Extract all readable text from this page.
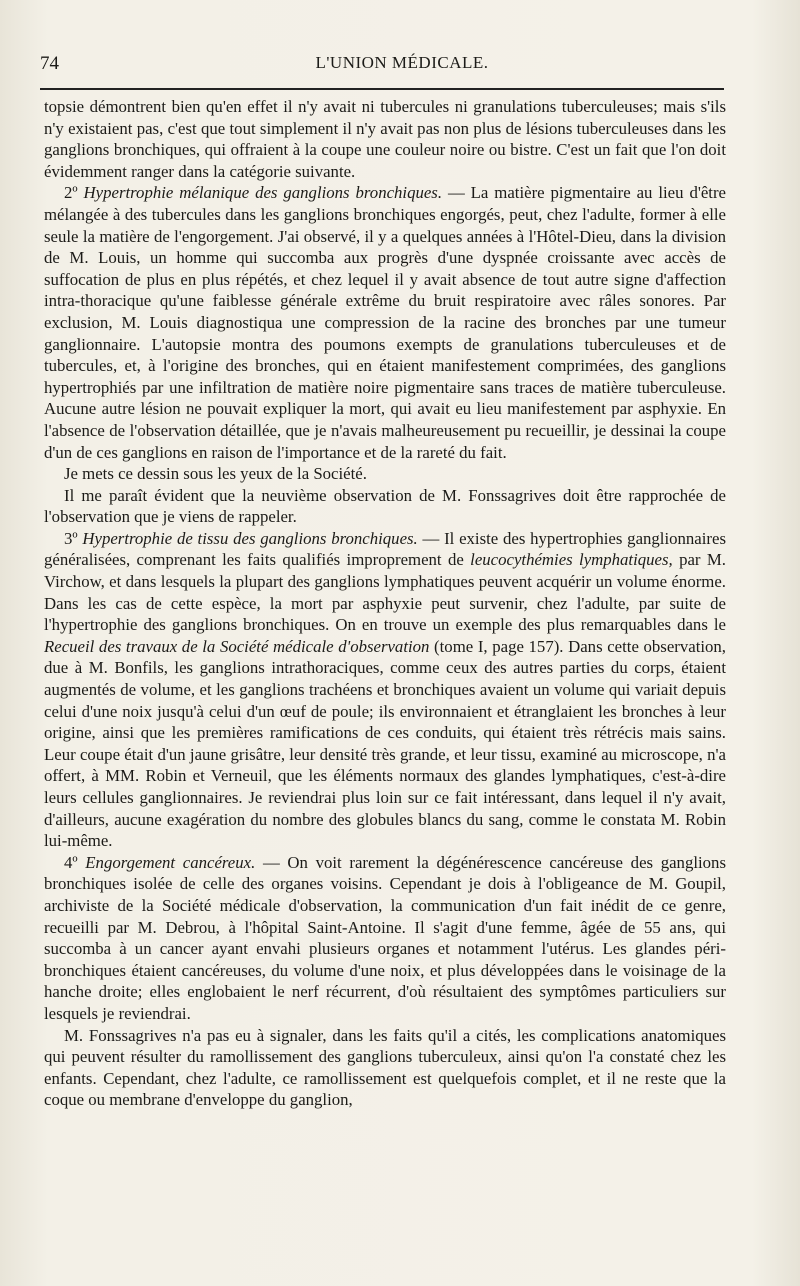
74	L'UNION MÉDICALE.

topsie démontrent bien qu'en effet il n'y avait ni tubercules ni granulations tuberculeuses; mais s'ils n'y existaient pas, c'est que tout simplement il n'y avait pas non plus de lésions tuberculeuses dans les ganglions bronchiques, qui offraient à la coupe une couleur noire ou bistre. C'est un fait que l'on doit évidemment ranger dans la catégorie suivante.

2º Hypertrophie mélanique des ganglions bronchiques. — La matière pigmentaire au lieu d'être mélangée à des tubercules dans les ganglions bronchiques engorgés, peut, chez l'adulte, former à elle seule la matière de l'engorgement. J'ai observé, il y a quelques années à l'Hôtel-Dieu, dans la division de M. Louis, un homme qui succomba aux progrès d'une dyspnée croissante avec accès de suffocation de plus en plus répétés, et chez lequel il y avait absence de tout autre signe d'affection intra-thoracique qu'une faiblesse générale extrême du bruit respiratoire avec râles sonores. Par exclusion, M. Louis diagnostiqua une compression de la racine des bronches par une tumeur ganglionnaire. L'autopsie montra des poumons exempts de granulations tuberculeuses et de tubercules, et, à l'origine des bronches, qui en étaient manifestement comprimées, des ganglions hypertrophiés par une infiltration de matière noire pigmentaire sans traces de matière tuberculeuse. Aucune autre lésion ne pouvait expliquer la mort, qui avait eu lieu manifestement par asphyxie. En l'absence de l'observation détaillée, que je n'avais malheureusement pu recueillir, je dessinai la coupe d'un de ces ganglions en raison de l'importance et de la rareté du fait.

Je mets ce dessin sous les yeux de la Société.

Il me paraît évident que la neuvième observation de M. Fonssagrives doit être rapprochée de l'observation que je viens de rappeler.

3º Hypertrophie de tissu des ganglions bronchiques. — Il existe des hypertrophies ganglionnaires généralisées, comprenant les faits qualifiés improprement de leucocythémies lymphatiques, par M. Virchow, et dans lesquels la plupart des ganglions lymphatiques peuvent acquérir un volume énorme. Dans les cas de cette espèce, la mort par asphyxie peut survenir, chez l'adulte, par suite de l'hypertrophie des ganglions bronchiques. On en trouve un exemple des plus remarquables dans le Recueil des travaux de la Société médicale d'observation (tome I, page 157). Dans cette observation, due à M. Bonfils, les ganglions intrathoraciques, comme ceux des autres parties du corps, étaient augmentés de volume, et les ganglions trachéens et bronchiques avaient un volume qui variait depuis celui d'une noix jusqu'à celui d'un œuf de poule; ils environnaient et étranglaient les bronches à leur origine, ainsi que les premières ramifications de ces conduits, qui étaient très rétrécis mais sains. Leur coupe était d'un jaune grisâtre, leur densité très grande, et leur tissu, examiné au microscope, n'a offert, à MM. Robin et Verneuil, que les éléments normaux des glandes lymphatiques, c'est-à-dire leurs cellules ganglionnaires. Je reviendrai plus loin sur ce fait intéressant, dans lequel il n'y avait, d'ailleurs, aucune exagération du nombre des globules blancs du sang, comme le constata M. Robin lui-même.

4º Engorgement cancéreux. — On voit rarement la dégénérescence cancéreuse des ganglions bronchiques isolée de celle des organes voisins. Cependant je dois à l'obligeance de M. Goupil, archiviste de la Société médicale d'observation, la communication d'un fait inédit de ce genre, recueilli par M. Debrou, à l'hôpital Saint-Antoine. Il s'agit d'une femme, âgée de 55 ans, qui succomba à un cancer ayant envahi plusieurs organes et notamment l'utérus. Les glandes péri-bronchiques étaient cancéreuses, du volume d'une noix, et plus développées dans le voisinage de la hanche droite; elles englobaient le nerf récurrent, d'où résultaient des symptômes particuliers sur lesquels je reviendrai.

M. Fonssagrives n'a pas eu à signaler, dans les faits qu'il a cités, les complications anatomiques qui peuvent résulter du ramollissement des ganglions tuberculeux, ainsi qu'on l'a constaté chez les enfants. Cependant, chez l'adulte, ce ramollissement est quelquefois complet, et il ne reste que la coque ou membrane d'enveloppe du ganglion,
